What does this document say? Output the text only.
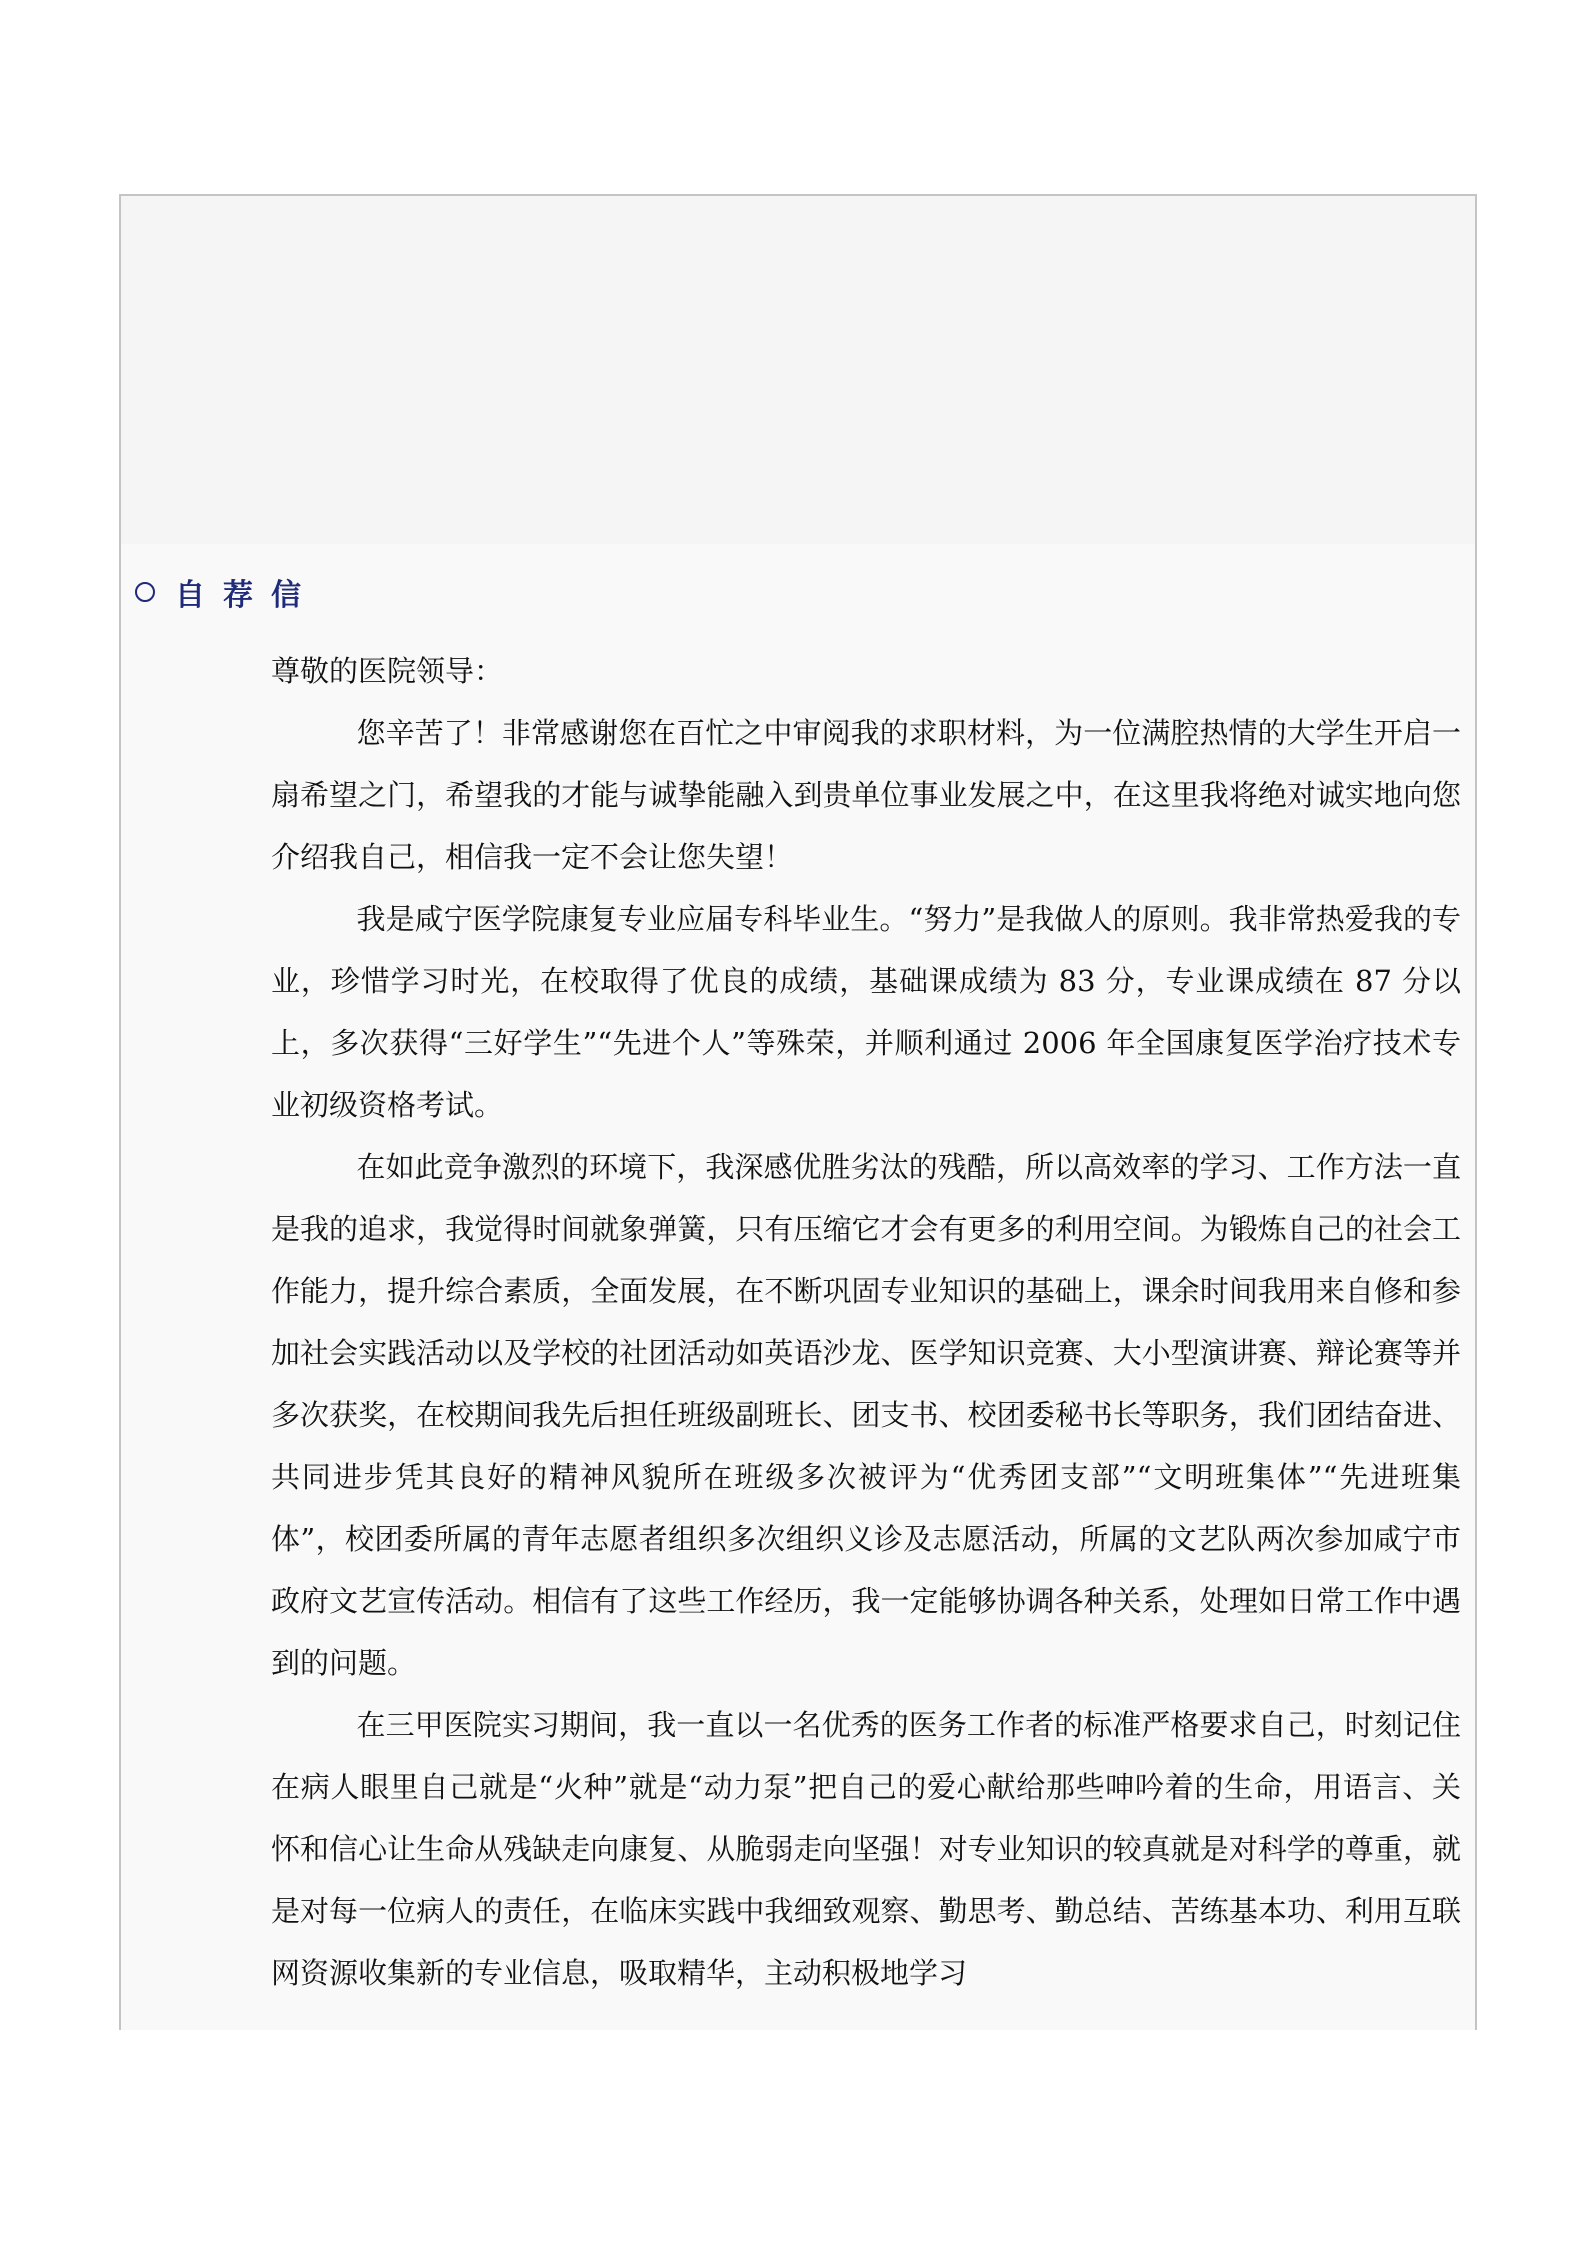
自荐信

尊敬的医院领导：

您辛苦了！非常感谢您在百忙之中审阅我的求职材料，为一位满腔热情的大学生开启一扇希望之门，希望我的才能与诚挚能融入到贵单位事业发展之中，在这里我将绝对诚实地向您介绍我自己，相信我一定不会让您失望！

我是咸宁医学院康复专业应届专科毕业生。“努力”是我做人的原则。我非常热爱我的专业，珍惜学习时光，在校取得了优良的成绩，基础课成绩为 83 分，专业课成绩在 87 分以上，多次获得“三好学生”“先进个人”等殊荣，并顺利通过 2006 年全国康复医学治疗技术专业初级资格考试。

在如此竞争激烈的环境下，我深感优胜劣汰的残酷，所以高效率的学习、工作方法一直是我的追求，我觉得时间就象弹簧，只有压缩它才会有更多的利用空间。为锻炼自己的社会工作能力，提升综合素质，全面发展，在不断巩固专业知识的基础上，课余时间我用来自修和参加社会实践活动以及学校的社团活动如英语沙龙、医学知识竞赛、大小型演讲赛、辩论赛等并多次获奖，在校期间我先后担任班级副班长、团支书、校团委秘书长等职务，我们团结奋进、共同进步凭其良好的精神风貌所在班级多次被评为“优秀团支部”“文明班集体”“先进班集体”，校团委所属的青年志愿者组织多次组织义诊及志愿活动，所属的文艺队两次参加咸宁市政府文艺宣传活动。相信有了这些工作经历，我一定能够协调各种关系，处理如日常工作中遇到的问题。

在三甲医院实习期间，我一直以一名优秀的医务工作者的标准严格要求自己，时刻记住在病人眼里自己就是“火种”就是“动力泵”把自己的爱心献给那些呻吟着的生命，用语言、关怀和信心让生命从残缺走向康复、从脆弱走向坚强！对专业知识的较真就是对科学的尊重，就是对每一位病人的责任，在临床实践中我细致观察、勤思考、勤总结、苦练基本功、利用互联网资源收集新的专业信息，吸取精华，主动积极地学习
